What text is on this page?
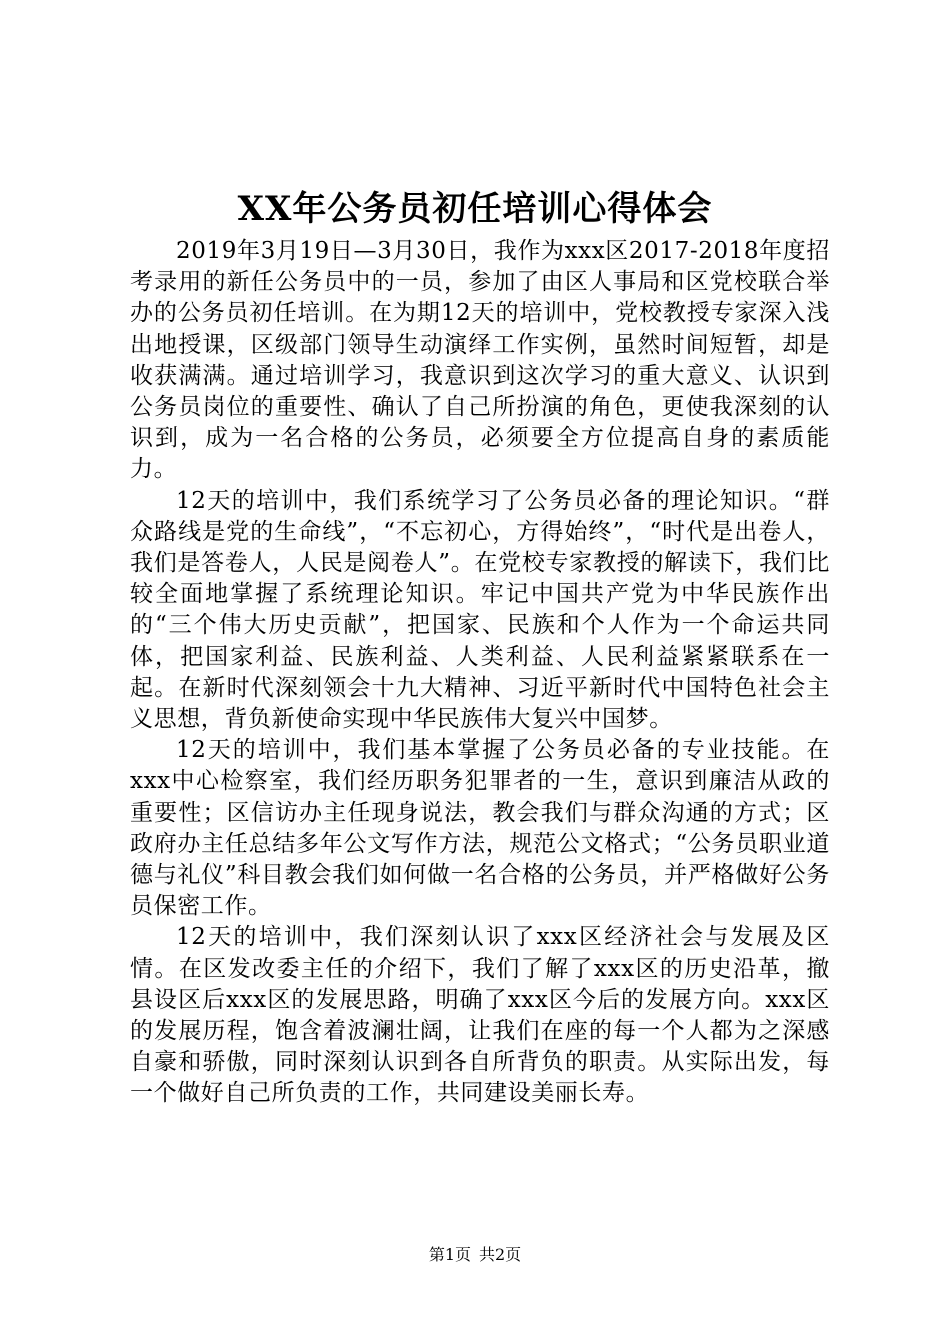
XX年公务员初任培训心得体会

2019年3月19日—3月30日，我作为xxx区2017-2018年度招考录用的新任公务员中的一员，参加了由区人事局和区党校联合举办的公务员初任培训。在为期12天的培训中，党校教授专家深入浅出地授课，区级部门领导生动演绎工作实例，虽然时间短暂，却是收获满满。通过培训学习，我意识到这次学习的重大意义、认识到公务员岗位的重要性、确认了自己所扮演的角色，更使我深刻的认识到，成为一名合格的公务员，必须要全方位提高自身的素质能力。

12天的培训中，我们系统学习了公务员必备的理论知识。“群众路线是党的生命线”，“不忘初心，方得始终”，“时代是出卷人，我们是答卷人，人民是阅卷人”。在党校专家教授的解读下，我们比较全面地掌握了系统理论知识。牢记中国共产党为中华民族作出的“三个伟大历史贡献”，把国家、民族和个人作为一个命运共同体，把国家利益、民族利益、人类利益、人民利益紧紧联系在一起。在新时代深刻领会十九大精神、习近平新时代中国特色社会主义思想，背负新使命实现中华民族伟大复兴中国梦。

12天的培训中，我们基本掌握了公务员必备的专业技能。在xxx中心检察室，我们经历职务犯罪者的一生，意识到廉洁从政的重要性；区信访办主任现身说法，教会我们与群众沟通的方式；区政府办主任总结多年公文写作方法，规范公文格式；“公务员职业道德与礼仪”科目教会我们如何做一名合格的公务员，并严格做好公务员保密工作。

12天的培训中，我们深刻认识了xxx区经济社会与发展及区情。在区发改委主任的介绍下，我们了解了xxx区的历史沿革，撤县设区后xxx区的发展思路，明确了xxx区今后的发展方向。xxx区的发展历程，饱含着波澜壮阔，让我们在座的每一个人都为之深感自豪和骄傲，同时深刻认识到各自所背负的职责。从实际出发，每一个做好自己所负责的工作，共同建设美丽长寿。

第1页 共2页
